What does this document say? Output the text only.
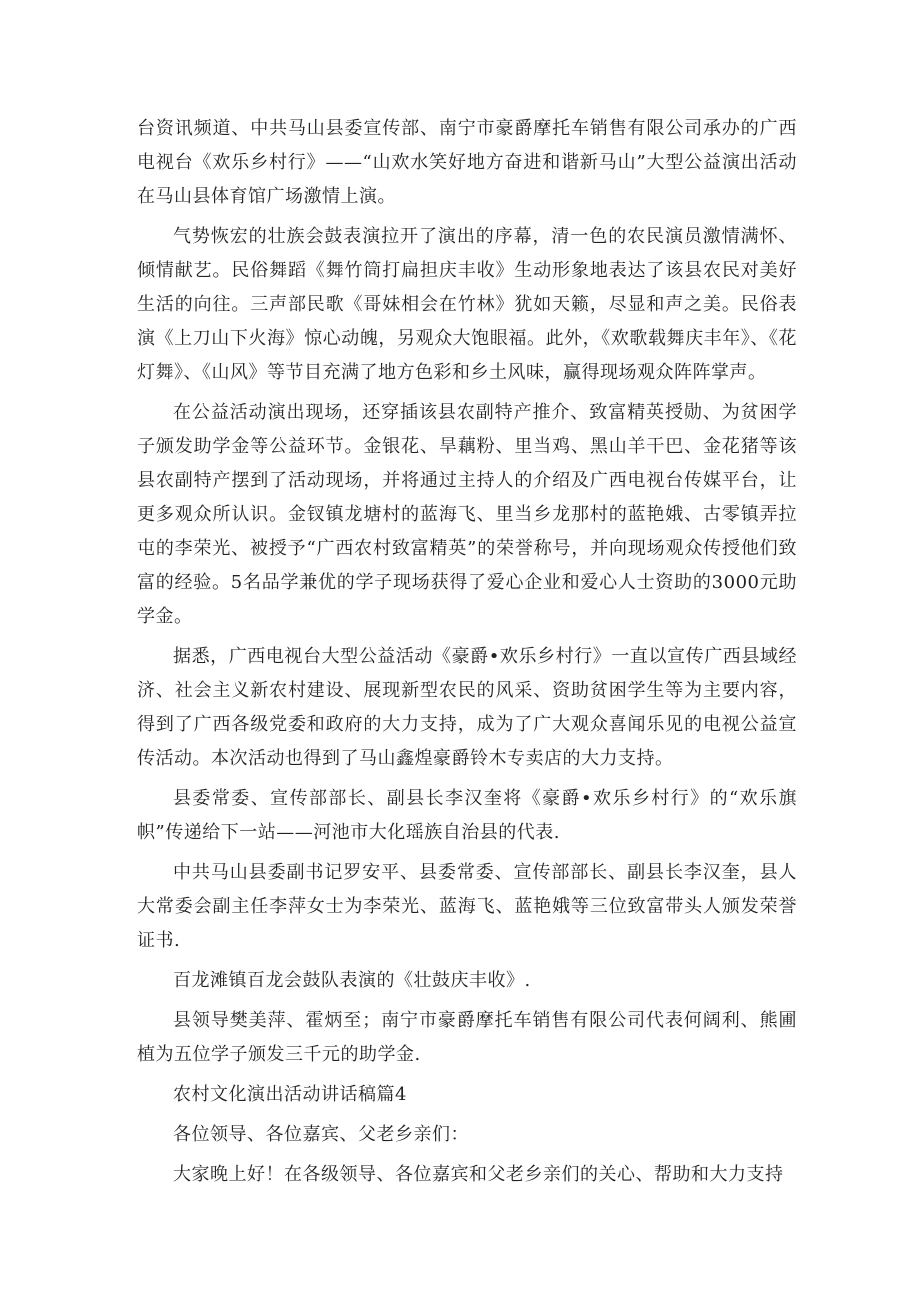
台资讯频道、中共马山县委宣传部、南宁市豪爵摩托车销售有限公司承办的广西电视台《欢乐乡村行》——“山欢水笑好地方奋进和谐新马山”大型公益演出活动在马山县体育馆广场激情上演。

气势恢宏的壮族会鼓表演拉开了演出的序幕，清一色的农民演员激情满怀、倾情献艺。民俗舞蹈《舞竹筒打扁担庆丰收》生动形象地表达了该县农民对美好生活的向往。三声部民歌《哥妹相会在竹林》犹如天籁，尽显和声之美。民俗表演《上刀山下火海》惊心动魄，另观众大饱眼福。此外，《欢歌载舞庆丰年》、《花灯舞》、《山风》等节目充满了地方色彩和乡土风味，赢得现场观众阵阵掌声。

在公益活动演出现场，还穿插该县农副特产推介、致富精英授勋、为贫困学子颁发助学金等公益环节。金银花、旱藕粉、里当鸡、黑山羊干巴、金花猪等该县农副特产摆到了活动现场，并将通过主持人的介绍及广西电视台传媒平台，让更多观众所认识。金钗镇龙塘村的蓝海飞、里当乡龙那村的蓝艳娥、古零镇弄拉屯的李荣光、被授予“广西农村致富精英”的荣誉称号，并向现场观众传授他们致富的经验。5名品学兼优的学子现场获得了爱心企业和爱心人士资助的3000元助学金。

据悉，广西电视台大型公益活动《豪爵•欢乐乡村行》一直以宣传广西县域经济、社会主义新农村建设、展现新型农民的风采、资助贫困学生等为主要内容，得到了广西各级党委和政府的大力支持，成为了广大观众喜闻乐见的电视公益宣传活动。本次活动也得到了马山鑫煌豪爵铃木专卖店的大力支持。

县委常委、宣传部部长、副县长李汉奎将《豪爵•欢乐乡村行》的“欢乐旗帜”传递给下一站——河池市大化瑶族自治县的代表.

中共马山县委副书记罗安平、县委常委、宣传部部长、副县长李汉奎，县人大常委会副主任李萍女士为李荣光、蓝海飞、蓝艳娥等三位致富带头人颁发荣誉证书.

百龙滩镇百龙会鼓队表演的《壮鼓庆丰收》.

县领导樊美萍、霍炳至；南宁市豪爵摩托车销售有限公司代表何阔利、熊圃植为五位学子颁发三千元的助学金.

农村文化演出活动讲话稿篇4

各位领导、各位嘉宾、父老乡亲们：

大家晚上好！在各级领导、各位嘉宾和父老乡亲们的关心、帮助和大力支持
